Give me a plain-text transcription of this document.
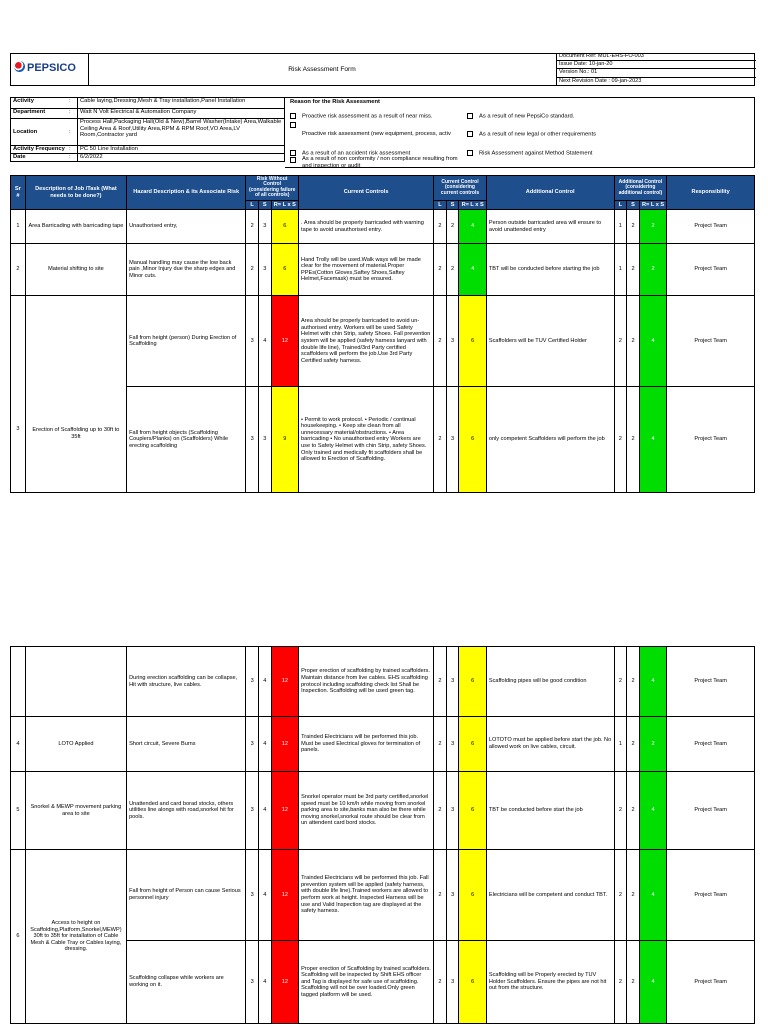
PEPSICO	Risk Assessment Form
Document Ref: MUL-EHS-FO-003
Issue Date: 10-jan-20
Version No.: 01
Next Revision Date : 09-jan-2023
Activity	:	Cable laying,Dressing,Mesh & Tray installation,Panel Installation
Department	:	Watt N Volt Electrical & Automation Company
Location	:	Process Hall,Packaging Hall(Old & New),Barrel Washer(Intake) Area,Walkable Ceiling Area & Roof,Utility Area,RPM & RPM Roof,VO Area,LV Room,Contractor yard
Activity Frequency	:	PC 50 Line Installation
Date	:	6/2/2022
Reason for the Risk Assessment
Proactive risk assessment as a result of near miss.	As a result of new PepsiCo standard.
Proactive risk assessment (new equipment, process, activ	As a result of new legal or other requirements
As a result of an accident risk assessment	Risk Assessment against Method Statement
As a result of non conformity / non compliance resulting from and inspection or audit
Sr #	Description of Job /Task (What needs to be done?)	Hazard Description & its Associate Risk	Risk Without Control (considering failure of all controls)			Current Controls	Current Control (considering current controls			Additional Control	Additional Control (considering additional control)			Responsibility
			L	S	R= L x S		L	S	R= L x S		L	S	R= L x S	
1	Area Barricading with barricading tape	Unauthorised entry,	2	3	6	. Area should be properly barricaded with warning tape to avoid unauthorised entry.	2	2	4	Person outside barricaded area will ensure to avoid unattended entry	1	2	2	Project Team
2	Material shifting to site	Manual handling may cause the low back pain ,Minor Injury due the sharp edges and Minor cuts.	2	3	6	Hand Trolly will be used.Walk ways will be made clear for the movement of material.Proper PPEs(Cotton Gloves,Saftey Shoes,Saftey Helmet,Facemask) must be ensured.	2	2	4	TBT will be conducted before starting the job	1	2	2	Project Team
3	Erection of Scaffolding up to 30ft to 35ft	Fall from height (person) During Erection of Scaffolding	3	4	12	Area should be properly barricaded to avoid un-authorised entry. Workers will be used Safety Helmet with chin Strip, safety Shoes. Fall prevention system will be applied (safety harness lanyard with double life line), Trained/3rd Party certified scaffolders will perform the job.Use 3rd Party Certified safety harness.	2	3	6	Scaffolders will be TUV Certified Holder	2	2	4	Project Team
		Fall from height objects (Scaffolding Couplers/Planks) on (Scaffolders) While erecting scaffolding	3	3	9	• Permit to work protocol. • Periodic / continual housekeeping. • Keep site clean from all unnecessary material/obstructions. • Area barricading • No unauthorised entry Workers are use to Safety Helmet with chin Strip, safety Shoes. Only trained and medically fit scaffolders shall be allowed to Erection of Scaffolding.	2	3	6	only competent Scaffolders will perform the job	2	2	4	Project Team
		During erection scaffolding can be collapse, Hit with structure, live cables.	3	4	12	Proper erection of scaffolding by trained scaffolders. Maintain distance from live cables. EHS scaffolding protocol including scaffolding check list Shall be Inspection. Scaffolding will be used green tag.	2	3	6	Scaffolding pipes will be good condition	2	2	4	Project Team
4	LOTO Applied	Short circuit, Severe Burns	3	4	12	Trainded Electricians will be performed this job. Must be used Electrical gloves for termination of panels.	2	3	6	LOTOTO must be applied before start the job. No allowed work on live cables, circuit.	1	2	2	Project Team
5	Snorkel & MEWP movement parking area to site	Unattended and card borad stocks, others utilities line alongs with road,snorkel hit for pools.	3	4	12	Snorkel operator must be 3rd party certified,snorkel speed must be 10 km/h while moving from snorkel parking area to site,banks man also be there while moving snorkel,snorkal route should be clear from un attendent card bord stocks.	2	3	6	TBT be conducted before start the job	2	2	4	Project Team
6	Access to height on Scaffolding,Platform,Snorkel,MEWP) 30ft to 35ft for installation of Cable Mesh & Cable Tray or Cables laying, dressing.	Fall from height of Person can cause Serious personnel injury	3	4	12	Trainded Electricians will be performed this job. Fall prevention system will be applied (safety harness, with double life line).Trained workers are allowed to perform work at height. Inspected Harness will be use and Valid Inspection tag are displayed at the safety harness.	2	3	6	Electricians will be competent and conduct TBT.	2	2	4	Project Team
		Scaffolding collapse while workers are working on it.	3	4	12	Proper erection of Scaffolding by trained scaffolders. Scaffolding will be inspected by Shift EHS officer and Tag is displayed for safe use of scaffolding. Scaffolding will not be over loaded.Only green tagged platform will be used.	2	3	6	Scaffolding will be Properly erected by TUV Holder Scaffolders. Ensure the pipes are not hit out from the structure.	2	2	4	Project Team
